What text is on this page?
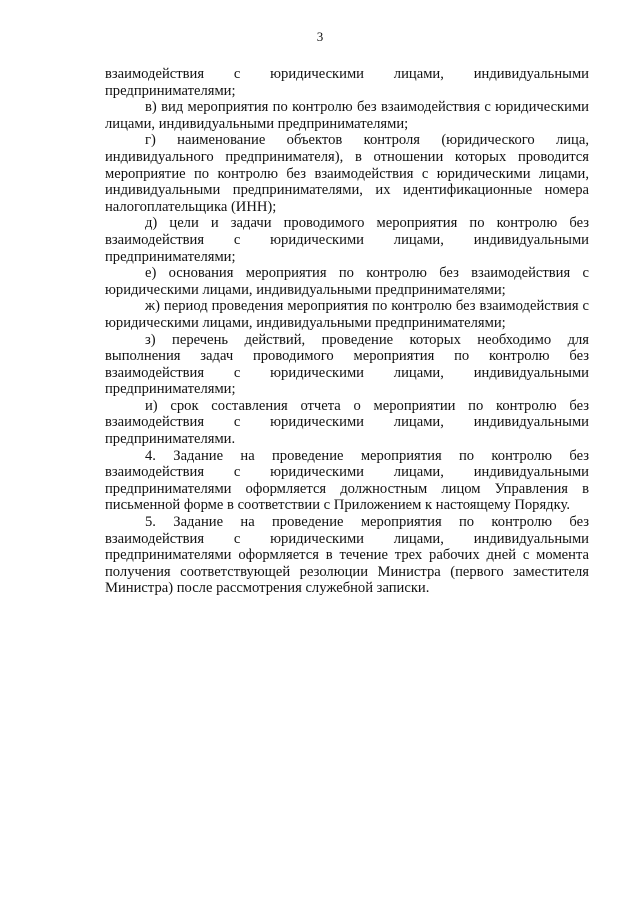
3

взаимодействия с юридическими лицами, индивидуальными предпринимателями;

в) вид мероприятия по контролю без взаимодействия с юридическими лицами, индивидуальными предпринимателями;

г) наименование объектов контроля (юридического лица, индивидуального предпринимателя), в отношении которых проводится мероприятие по контролю без взаимодействия с юридическими лицами, индивидуальными предпринимателями, их идентификационные номера налогоплательщика (ИНН);

д) цели и задачи проводимого мероприятия по контролю без взаимодействия с юридическими лицами, индивидуальными предпринимателями;

е) основания мероприятия по контролю без взаимодействия с юридическими лицами, индивидуальными предпринимателями;

ж) период проведения мероприятия по контролю без взаимодействия с юридическими лицами, индивидуальными предпринимателями;

з) перечень действий, проведение которых необходимо для выполнения задач проводимого мероприятия по контролю без взаимодействия с юридическими лицами, индивидуальными предпринимателями;

и) срок составления отчета о мероприятии по контролю без взаимодействия с юридическими лицами, индивидуальными предпринимателями.

4. Задание на проведение мероприятия по контролю без взаимодействия с юридическими лицами, индивидуальными предпринимателями оформляется должностным лицом Управления в письменной форме в соответствии с Приложением к настоящему Порядку.

5. Задание на проведение мероприятия по контролю без взаимодействия с юридическими лицами, индивидуальными предпринимателями оформляется в течение трех рабочих дней с момента получения соответствующей резолюции Министра (первого заместителя Министра) после рассмотрения служебной записки.
